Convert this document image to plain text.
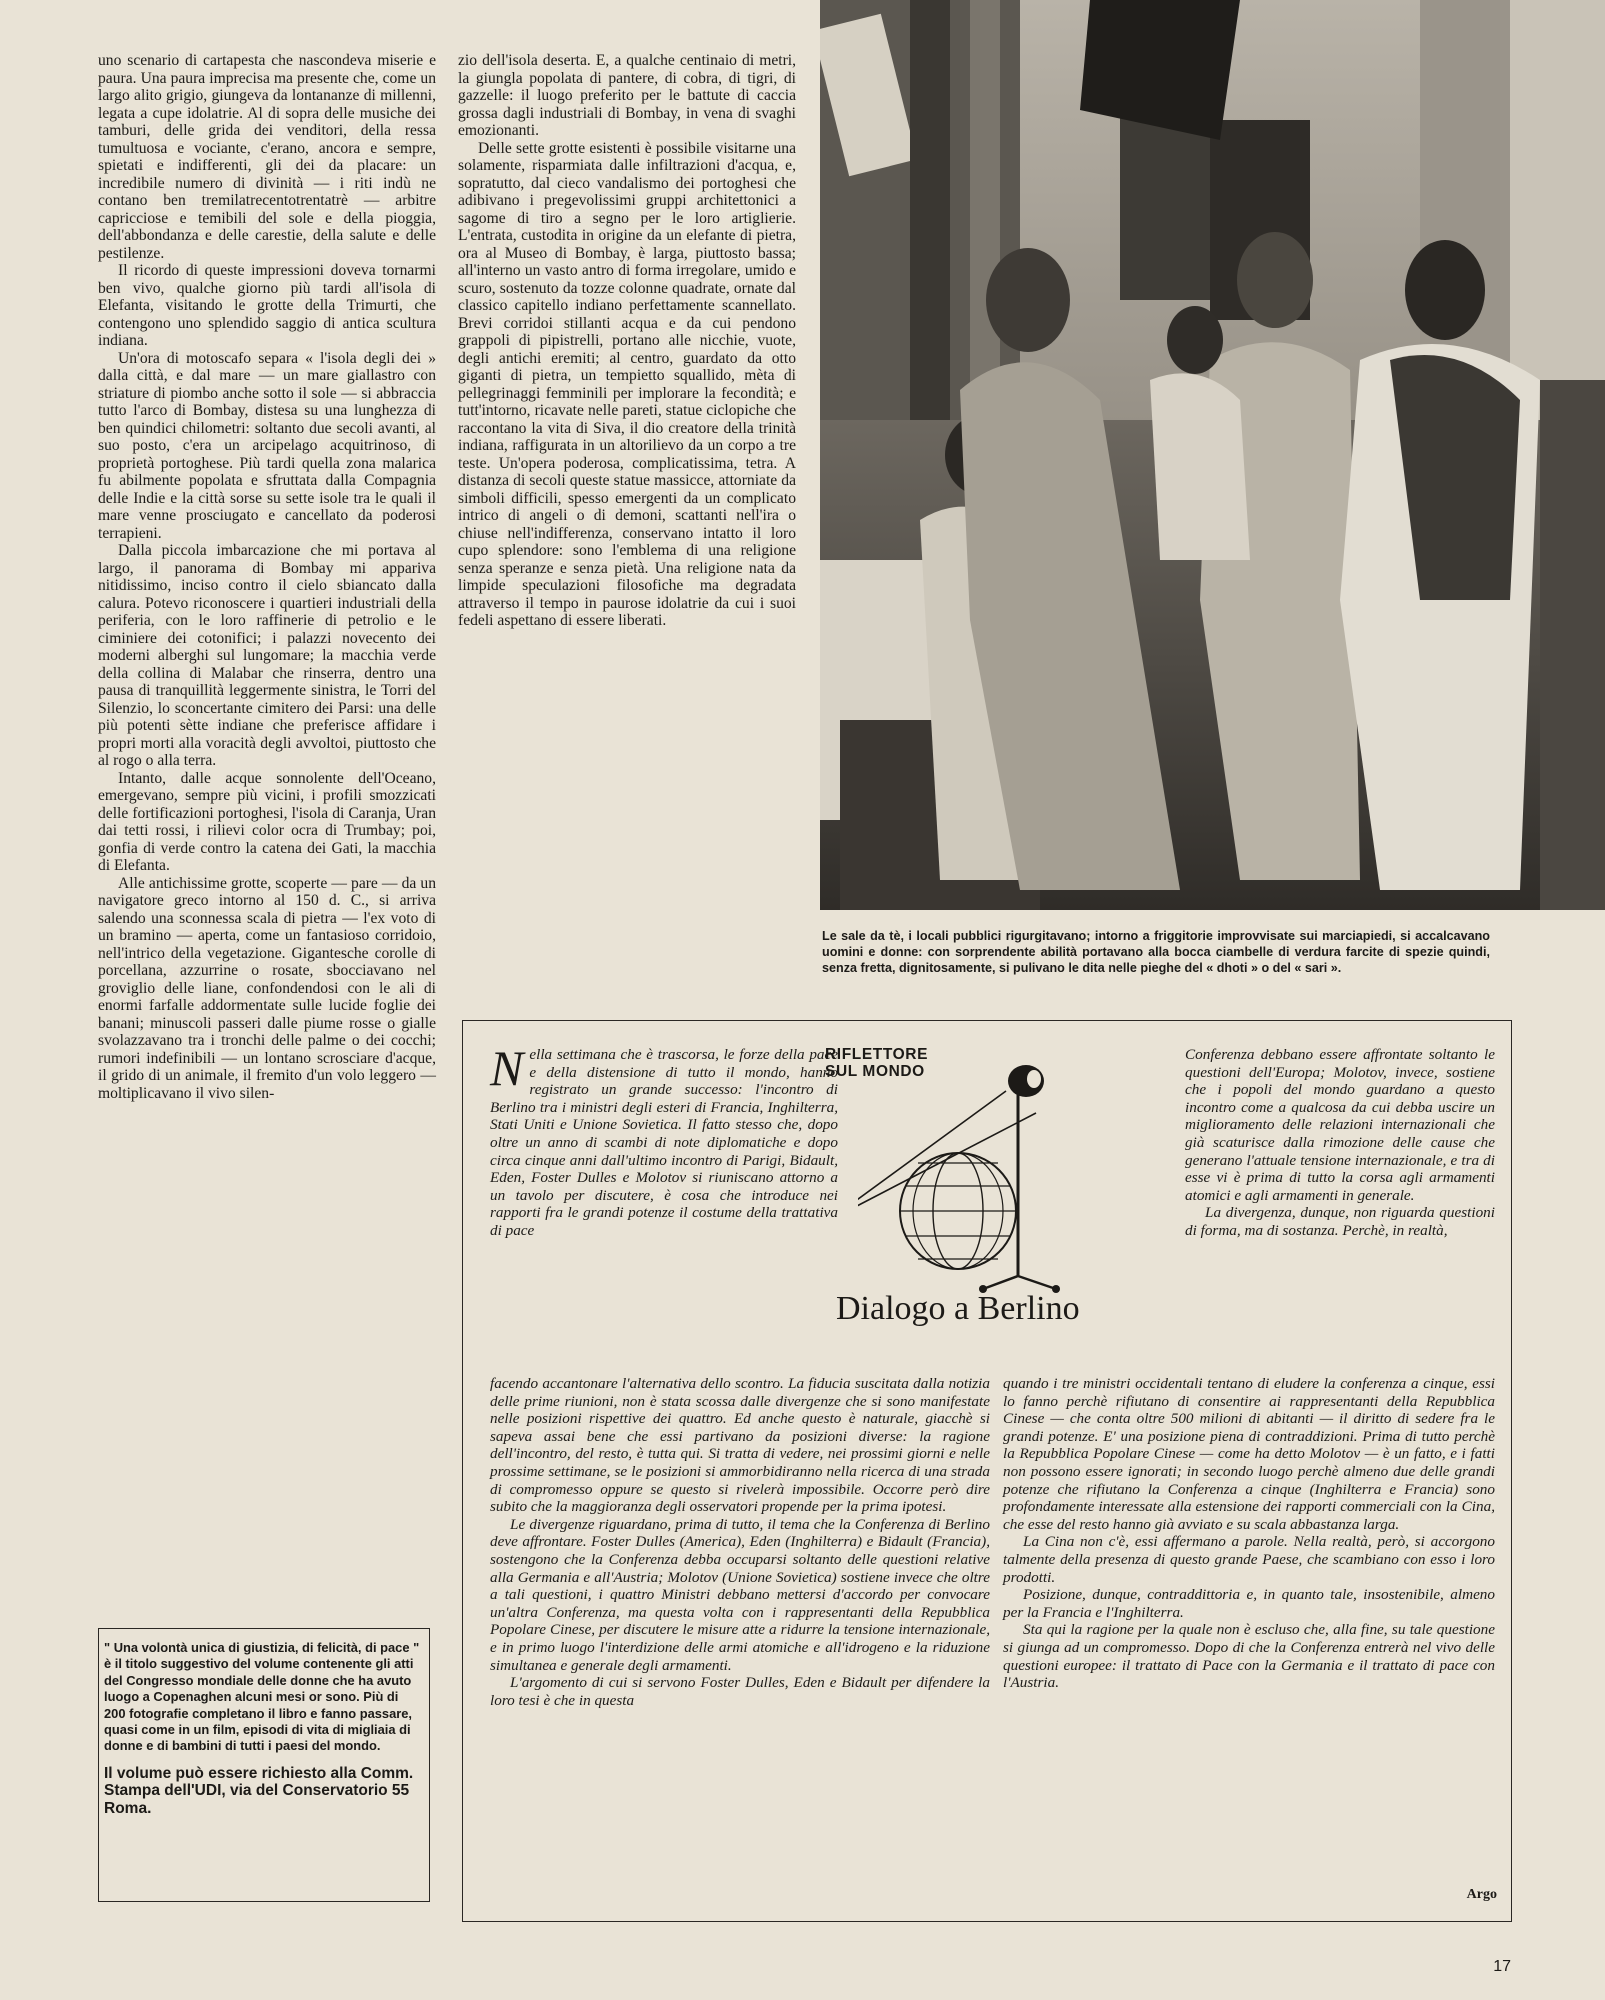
uno scenario di cartapesta che nascondeva miserie e paura. Una paura imprecisa ma presente che, come un largo alito grigio, giungeva da lontananze di millenni, legata a cupe idolatrie. Al di sopra delle musiche dei tamburi, delle grida dei venditori, della ressa tumultuosa e vociante, c'erano, ancora e sempre, spietati e indifferenti, gli dei da placare: un incredibile numero di divinità — i riti indù ne contano ben tremilatrecentotrentatrè — arbitre capricciose e temibili del sole e della pioggia, dell'abbondanza e delle carestie, della salute e delle pestilenze.

Il ricordo di queste impressioni doveva tornarmi ben vivo, qualche giorno più tardi all'isola di Elefanta, visitando le grotte della Trimurti, che contengono uno splendido saggio di antica scultura indiana.

Un'ora di motoscafo separa « l'isola degli dei » dalla città, e dal mare — un mare giallastro con striature di piombo anche sotto il sole — si abbraccia tutto l'arco di Bombay, distesa su una lunghezza di ben quindici chilometri: soltanto due secoli avanti, al suo posto, c'era un arcipelago acquitrinoso, di proprietà portoghese. Più tardi quella zona malarica fu abilmente popolata e sfruttata dalla Compagnia delle Indie e la città sorse su sette isole tra le quali il mare venne prosciugato e cancellato da poderosi terrapieni.

Dalla piccola imbarcazione che mi portava al largo, il panorama di Bombay mi appariva nitidissimo, inciso contro il cielo sbiancato dalla calura. Potevo riconoscere i quartieri industriali della periferia, con le loro raffinerie di petrolio e le ciminiere dei cotonifici; i palazzi novecento dei moderni alberghi sul lungomare; la macchia verde della collina di Malabar che rinserra, dentro una pausa di tranquillità leggermente sinistra, le Torri del Silenzio, lo sconcertante cimitero dei Parsi: una delle più potenti sètte indiane che preferisce affidare i propri morti alla voracità degli avvoltoi, piuttosto che al rogo o alla terra.

Intanto, dalle acque sonnolente dell'Oceano, emergevano, sempre più vicini, i profili smozzicati delle fortificazioni portoghesi, l'isola di Caranja, Uran dai tetti rossi, i rilievi color ocra di Trumbay; poi, gonfia di verde contro la catena dei Gati, la macchia di Elefanta.

Alle antichissime grotte, scoperte — pare — da un navigatore greco intorno al 150 d. C., si arriva salendo una sconnessa scala di pietra — l'ex voto di un bramino — aperta, come un fantasioso corridoio, nell'intrico della vegetazione. Gigantesche corolle di porcellana, azzurrine o rosate, sbocciavano nel groviglio delle liane, confondendosi con le ali di enormi farfalle addormentate sulle lucide foglie dei banani; minuscoli passeri dalle piume rosse o gialle svolazzavano tra i tronchi delle palme o dei cocchi; rumori indefinibili — un lontano scrosciare d'acque, il grido di un animale, il fremito d'un volo leggero — moltiplicavano il vivo silen-

zio dell'isola deserta. E, a qualche centinaio di metri, la giungla popolata di pantere, di cobra, di tigri, di gazzelle: il luogo preferito per le battute di caccia grossa dagli industriali di Bombay, in vena di svaghi emozionanti.

Delle sette grotte esistenti è possibile visitarne una solamente, risparmiata dalle infiltrazioni d'acqua, e, sopratutto, dal cieco vandalismo dei portoghesi che adibivano i pregevolissimi gruppi architettonici a sagome di tiro a segno per le loro artiglierie. L'entrata, custodita in origine da un elefante di pietra, ora al Museo di Bombay, è larga, piuttosto bassa; all'interno un vasto antro di forma irregolare, umido e scuro, sostenuto da tozze colonne quadrate, ornate dal classico capitello indiano perfettamente scannellato. Brevi corridoi stillanti acqua e da cui pendono grappoli di pipistrelli, portano alle nicchie, vuote, degli antichi eremiti; al centro, guardato da otto giganti di pietra, un tempietto squallido, mèta di pellegrinaggi femminili per implorare la fecondità; e tutt'intorno, ricavate nelle pareti, statue ciclopiche che raccontano la vita di Siva, il dio creatore della trinità indiana, raffigurata in un altorilievo da un corpo a tre teste. Un'opera poderosa, complicatissima, tetra. A distanza di secoli queste statue massicce, attorniate da simboli difficili, spesso emergenti da un complicato intrico di angeli o di demoni, scattanti nell'ira o chiuse nell'indifferenza, conservano intatto il loro cupo splendore: sono l'emblema di una religione senza speranze e senza pietà. Una religione nata da limpide speculazioni filosofiche ma degradata attraverso il tempo in paurose idolatrie da cui i suoi fedeli aspettano di essere liberati.

Le sale da tè, i locali pubblici rigurgitavano; intorno a friggitorie improvvisate sui marciapiedi, si accalcavano uomini e donne: con sorprendente abilità portavano alla bocca ciambelle di verdura farcite di spezie quindi, senza fretta, dignitosamente, si pulivano le dita nelle pieghe del « dhoti » o del « sari ».

Nella settimana che è trascorsa, le forze della pace e della distensione di tutto il mondo, hanno registrato un grande successo: l'incontro di Berlino tra i ministri degli esteri di Francia, Inghilterra, Stati Uniti e Unione Sovietica. Il fatto stesso che, dopo oltre un anno di scambi di note diplomatiche e dopo circa cinque anni dall'ultimo incontro di Parigi, Bidault, Eden, Foster Dulles e Molotov si riuniscano attorno a un tavolo per discutere, è cosa che introduce nei rapporti fra le grandi potenze il costume della trattativa di pace

RIFLETTORE
SUL MONDO
Dialogo a Berlino

Conferenza debbano essere affrontate soltanto le questioni dell'Europa; Molotov, invece, sostiene che i popoli del mondo guardano a questo incontro come a qualcosa da cui debba uscire un miglioramento delle relazioni internazionali che già scaturisce dalla rimozione delle cause che generano l'attuale tensione internazionale, e tra di esse vi è prima di tutto la corsa agli armamenti atomici e agli armamenti in generale.

La divergenza, dunque, non riguarda questioni di forma, ma di sostanza. Perchè, in realtà,

facendo accantonare l'alternativa dello scontro. La fiducia suscitata dalla notizia delle prime riunioni, non è stata scossa dalle divergenze che si sono manifestate nelle posizioni rispettive dei quattro. Ed anche questo è naturale, giacchè si sapeva assai bene che essi partivano da posizioni diverse: la ragione dell'incontro, del resto, è tutta qui. Si tratta di vedere, nei prossimi giorni e nelle prossime settimane, se le posizioni si ammorbidiranno nella ricerca di una strada di compromesso oppure se questo si rivelerà impossibile. Occorre però dire subito che la maggioranza degli osservatori propende per la prima ipotesi.

Le divergenze riguardano, prima di tutto, il tema che la Conferenza di Berlino deve affrontare. Foster Dulles (America), Eden (Inghilterra) e Bidault (Francia), sostengono che la Conferenza debba occuparsi soltanto delle questioni relative alla Germania e all'Austria; Molotov (Unione Sovietica) sostiene invece che oltre a tali questioni, i quattro Ministri debbano mettersi d'accordo per convocare un'altra Conferenza, ma questa volta con i rappresentanti della Repubblica Popolare Cinese, per discutere le misure atte a ridurre la tensione internazionale, e in primo luogo l'interdizione delle armi atomiche e all'idrogeno e la riduzione simultanea e generale degli armamenti.

L'argomento di cui si servono Foster Dulles, Eden e Bidault per difendere la loro tesi è che in questa

quando i tre ministri occidentali tentano di eludere la conferenza a cinque, essi lo fanno perchè rifiutano di consentire ai rappresentanti della Repubblica Cinese — che conta oltre 500 milioni di abitanti — il diritto di sedere fra le grandi potenze. E' una posizione piena di contraddizioni. Prima di tutto perchè la Repubblica Popolare Cinese — come ha detto Molotov — è un fatto, e i fatti non possono essere ignorati; in secondo luogo perchè almeno due delle grandi potenze che rifiutano la Conferenza a cinque (Inghilterra e Francia) sono profondamente interessate alla estensione dei rapporti commerciali con la Cina, che esse del resto hanno già avviato e su scala abbastanza larga.

La Cina non c'è, essi affermano a parole. Nella realtà, però, si accorgono talmente della presenza di questo grande Paese, che scambiano con esso i loro prodotti.

Posizione, dunque, contraddittoria e, in quanto tale, insostenibile, almeno per la Francia e l'Inghilterra.

Sta qui la ragione per la quale non è escluso che, alla fine, su tale questione si giunga ad un compromesso. Dopo di che la Conferenza entrerà nel vivo delle questioni europee: il trattato di Pace con la Germania e il trattato di pace con l'Austria.

Argo

" Una volontà unica di giustizia, di felicità, di pace " è il titolo suggestivo del volume contenente gli atti del Congresso mondiale delle donne che ha avuto luogo a Copenaghen alcuni mesi or sono. Più di 200 fotografie completano il libro e fanno passare, quasi come in un film, episodi di vita di migliaia di donne e di bambini di tutti i paesi del mondo.

Il volume può essere richiesto alla Comm. Stampa dell'UDI, via del Conservatorio 55 Roma.

17
